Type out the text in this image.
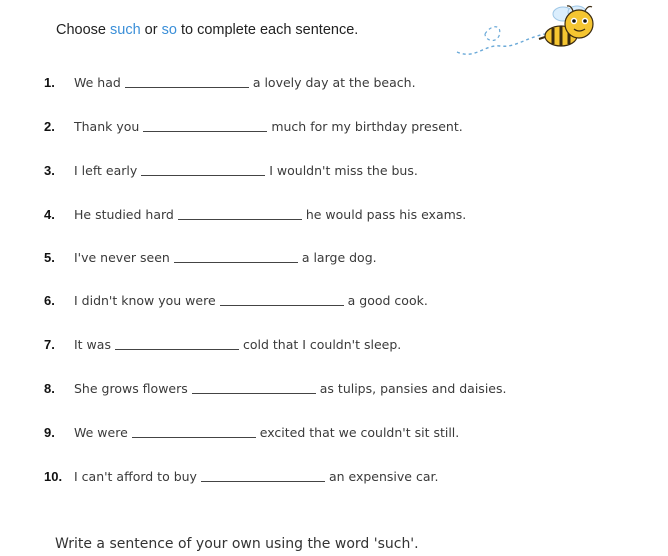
Choose such or so to complete each sentence.
1.	We had	a lovely day at the beach.
2.	Thank you	much for my birthday present.
3.	I left early	I wouldn't miss the bus.
4.	He studied hard	he would pass his exams.
5.	I've never seen	a large dog.
6.	I didn't know you were	a good cook.
7.	It was	cold that I couldn't sleep.
8.	She grows flowers	as tulips, pansies and daisies.
9.	We were	excited that we couldn't sit still.
10. I can't afford to buy	an expensive car.
Write a sentence of your own using the word 'such'.
